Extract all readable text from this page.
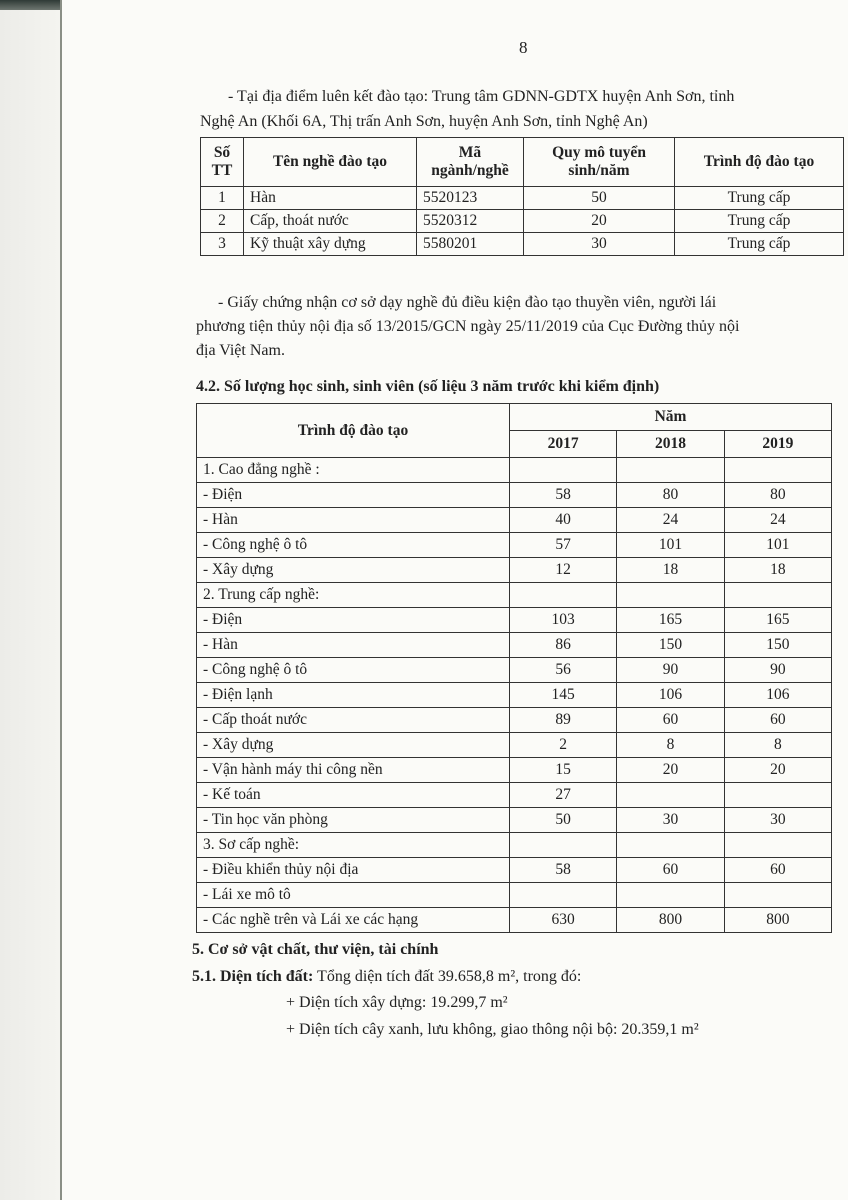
8
- Tại địa điểm luên kết đào tạo: Trung tâm GDNN-GDTX huyện Anh Sơn, tỉnh
Nghệ An (Khối 6A, Thị trấn Anh Sơn, huyện Anh Sơn, tỉnh Nghệ An)
Số TT	Tên nghề đào tạo	Mã ngành/nghề	Quy mô tuyển sinh/năm	Trình độ đào tạo
1	Hàn	5520123	50	Trung cấp
2	Cấp, thoát nước	5520312	20	Trung cấp
3	Kỹ thuật xây dựng	5580201	30	Trung cấp
- Giấy chứng nhận cơ sở dạy nghề đủ điều kiện đào tạo thuyền viên, người lái
phương tiện thủy nội địa số 13/2015/GCN ngày 25/11/2019 của Cục Đường thủy nội
địa Việt Nam.
4.2. Số lượng học sinh, sinh viên (số liệu 3 năm trước khi kiểm định)
Trình độ đào tạo	Năm		
	2017	2018	2019
1. Cao đẳng nghề :			
- Điện	58	80	80
- Hàn	40	24	24
- Công nghệ ô tô	57	101	101
- Xây dựng	12	18	18
2. Trung cấp nghề:			
- Điện	103	165	165
- Hàn	86	150	150
- Công nghệ ô tô	56	90	90
- Điện lạnh	145	106	106
- Cấp thoát nước	89	60	60
- Xây dựng	2	8	8
- Vận hành máy thi công nền	15	20	20
- Kế toán	27		
- Tin học văn phòng	50	30	30
3. Sơ cấp nghề:			
- Điều khiển thủy nội địa	58	60	60
- Lái xe mô tô			
- Các nghề trên và Lái xe các hạng	630	800	800
5. Cơ sở vật chất, thư viện, tài chính
5.1. Diện tích đất: Tổng diện tích đất 39.658,8 m², trong đó:
+ Diện tích xây dựng: 19.299,7 m²
+ Diện tích cây xanh, lưu không, giao thông nội bộ: 20.359,1 m²
